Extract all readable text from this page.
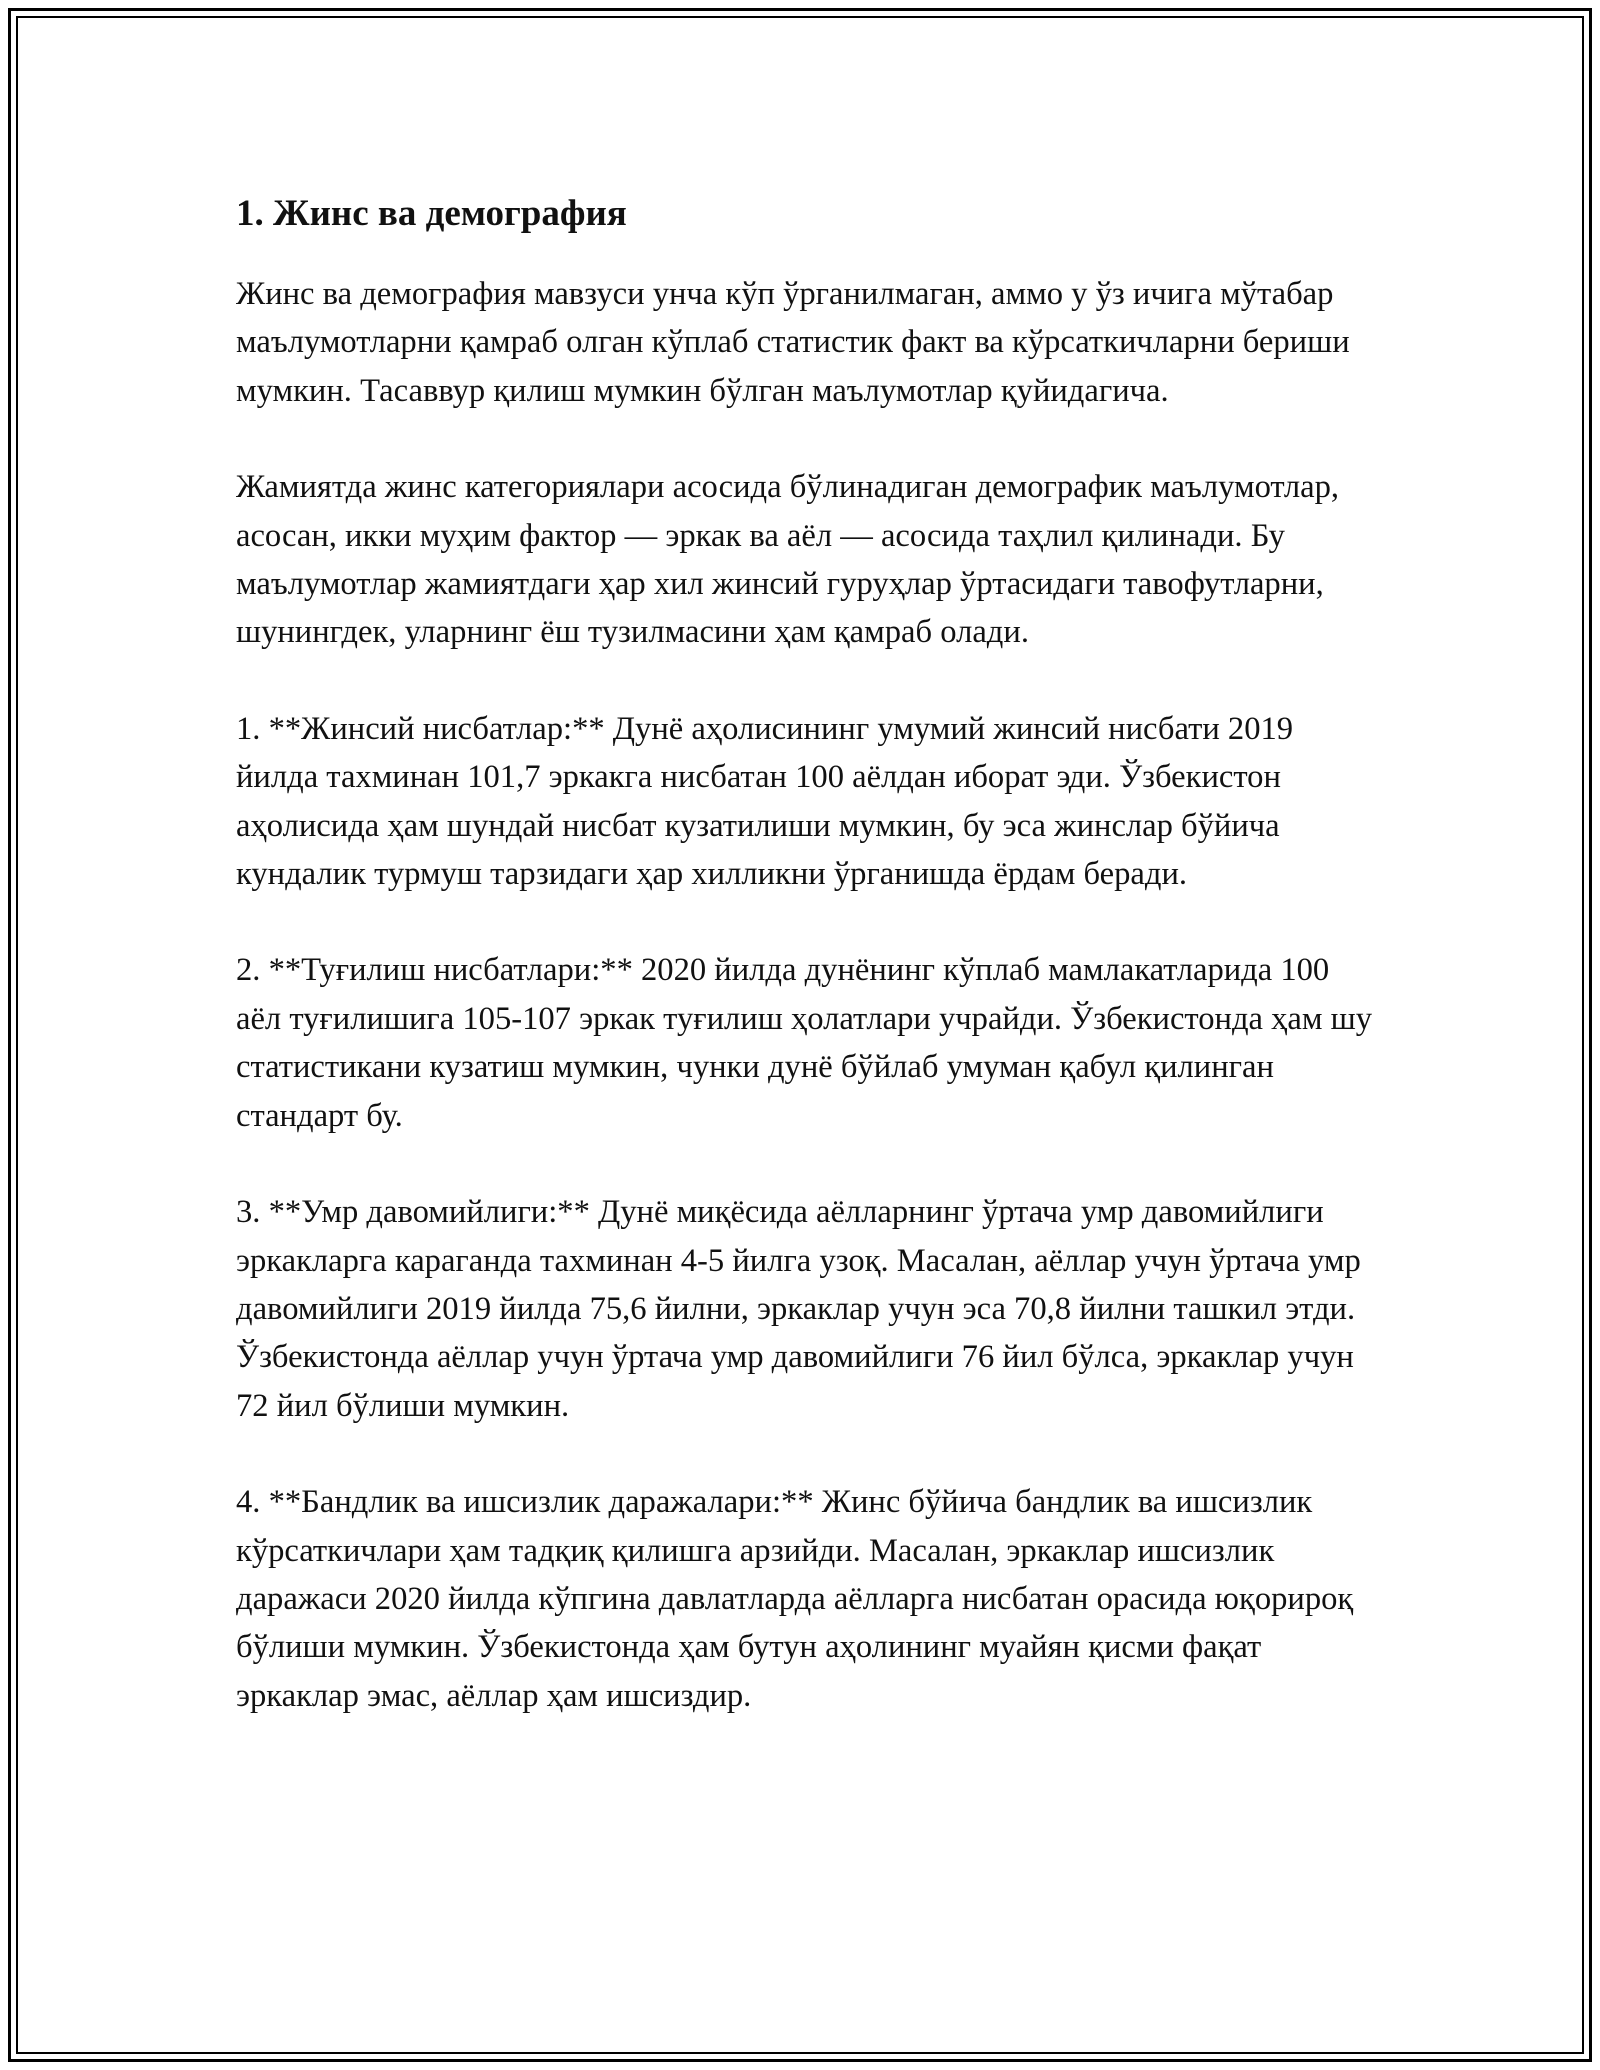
1. Жинс ва демография

Жинс ва демография мавзуси унча кўп ўрганилмаган, аммо у ўз ичига мўтабар маълумотларни қамраб олган кўплаб статистик факт ва кўрсаткичларни бериши мумкин. Тасаввур қилиш мумкин бўлган маълумотлар қуйидагича.

Жамиятда жинс категориялари асосида бўлинадиган демографик маълумотлар, асосан, икки муҳим фактор — эркак ва аёл — асосида таҳлил қилинади. Бу маълумотлар жамиятдаги ҳар хил жинсий гуруҳлар ўртасидаги тавофутларни, шунингдек, уларнинг ёш тузилмасини ҳам қамраб олади.

1. **Жинсий нисбатлар:** Дунё аҳолисининг умумий жинсий нисбати 2019 йилда тахминан 101,7 эркакга нисбатан 100 аёлдан иборат эди. Ўзбекистон аҳолисида ҳам шундай нисбат кузатилиши мумкин, бу эса жинслар бўйича кундалик турмуш тарзидаги ҳар хилликни ўрганишда ёрдам беради.

2. **Туғилиш нисбатлари:** 2020 йилда дунёнинг кўплаб мамлакатларида 100 аёл туғилишига 105-107 эркак туғилиш ҳолатлари учрайди. Ўзбекистонда ҳам шу статистикани кузатиш мумкин, чунки дунё бўйлаб умуман қабул қилинган стандарт бу.

3. **Умр давомийлиги:** Дунё миқёсида аёлларнинг ўртача умр давомийлиги эркакларга караганда тахминан 4-5 йилга узоқ. Масалан, аёллар учун ўртача умр давомийлиги 2019 йилда 75,6 йилни, эркаклар учун эса 70,8 йилни ташкил этди. Ўзбекистонда аёллар учун ўртача умр давомийлиги 76 йил бўлса, эркаклар учун 72 йил бўлиши мумкин.

4. **Бандлик ва ишсизлик даражалари:** Жинс бўйича бандлик ва ишсизлик кўрсаткичлари ҳам тадқиқ қилишга арзийди. Масалан, эркаклар ишсизлик даражаси 2020 йилда кўпгина давлатларда аёлларга нисбатан орасида юқорироқ бўлиши мумкин. Ўзбекистонда ҳам бутун аҳолининг муайян қисми фақат эркаклар эмас, аёллар ҳам ишсиздир.
